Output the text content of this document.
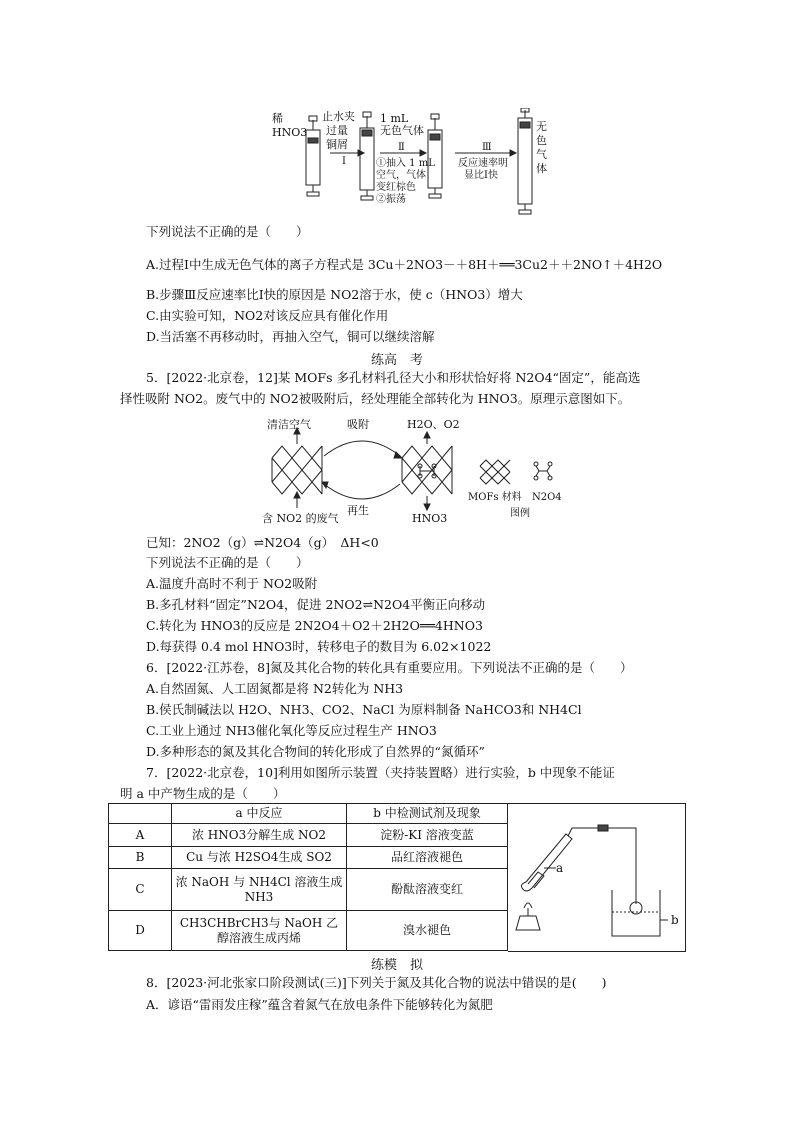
稀
HNO3
止水夹
过量
铜屑
Ⅰ
1 mL
无色气体
Ⅱ
①抽入 1 mL
空气，气体
变红棕色
②振荡
Ⅲ
反应速率明
显比Ⅰ快
无
色
气
体
下列说法不正确的是（　　）
A.过程Ⅰ中生成无色气体的离子方程式是 3Cu＋2NO3－＋8H＋══3Cu2＋＋2NO↑＋4H2O
B.步骤Ⅲ反应速率比Ⅰ快的原因是 NO2溶于水，使 c（HNO3）增大
C.由实验可知，NO2对该反应具有催化作用
D.当活塞不再移动时，再抽入空气，铜可以继续溶解
练高　考
5．[2022·北京卷，12]某 MOFs 多孔材料孔径大小和形状恰好将 N2O4“固定”，能高选
择性吸附 NO2。废气中的 NO2被吸附后，经处理能全部转化为 HNO3。原理示意图如下。
清洁空气	吸附	H2O、O2
含 NO2 的废气
再生
HNO3
MOFs 材料 N2O4
图例
已知：2NO2（g）⇌N2O4（g）　ΔH<0
下列说法不正确的是（　　）
A.温度升高时不利于 NO2吸附
B.多孔材料“固定”N2O4，促进 2NO2⇌N2O4平衡正向移动
C.转化为 HNO3的反应是 2N2O4＋O2＋2H2O══4HNO3
D.每获得 0.4 mol HNO3时，转移电子的数目为 6.02×1022
6．[2022·江苏卷，8]氮及其化合物的转化具有重要应用。下列说法不正确的是（　　）
A.自然固氮、人工固氮都是将 N2转化为 NH3
B.侯氏制碱法以 H2O、NH3、CO2、NaCl 为原料制备 NaHCO3和 NH4Cl
C.工业上通过 NH3催化氧化等反应过程生产 HNO3
D.多种形态的氮及其化合物间的转化形成了自然界的“氮循环”
7．[2022·北京卷，10]利用如图所示装置（夹持装置略）进行实验，b 中现象不能证
明 a 中产物生成的是（　　）
	a 中反应	b 中检测试剂及现象
A	浓 HNO3分解生成 NO2	淀粉-KI 溶液变蓝
B	Cu 与浓 H2SO4生成 SO2	品红溶液褪色
C	浓 NaOH 与 NH4Cl 溶液生成 NH3	酚酞溶液变红
D	CH3CHBrCH3与 NaOH 乙醇溶液生成丙烯	溴水褪色
a
b
练模　拟
8．[2023·河北张家口阶段测试(三)]下列关于氮及其化合物的说法中错误的是(　　)
A．谚语“雷雨发庄稼”蕴含着氮气在放电条件下能够转化为氮肥
